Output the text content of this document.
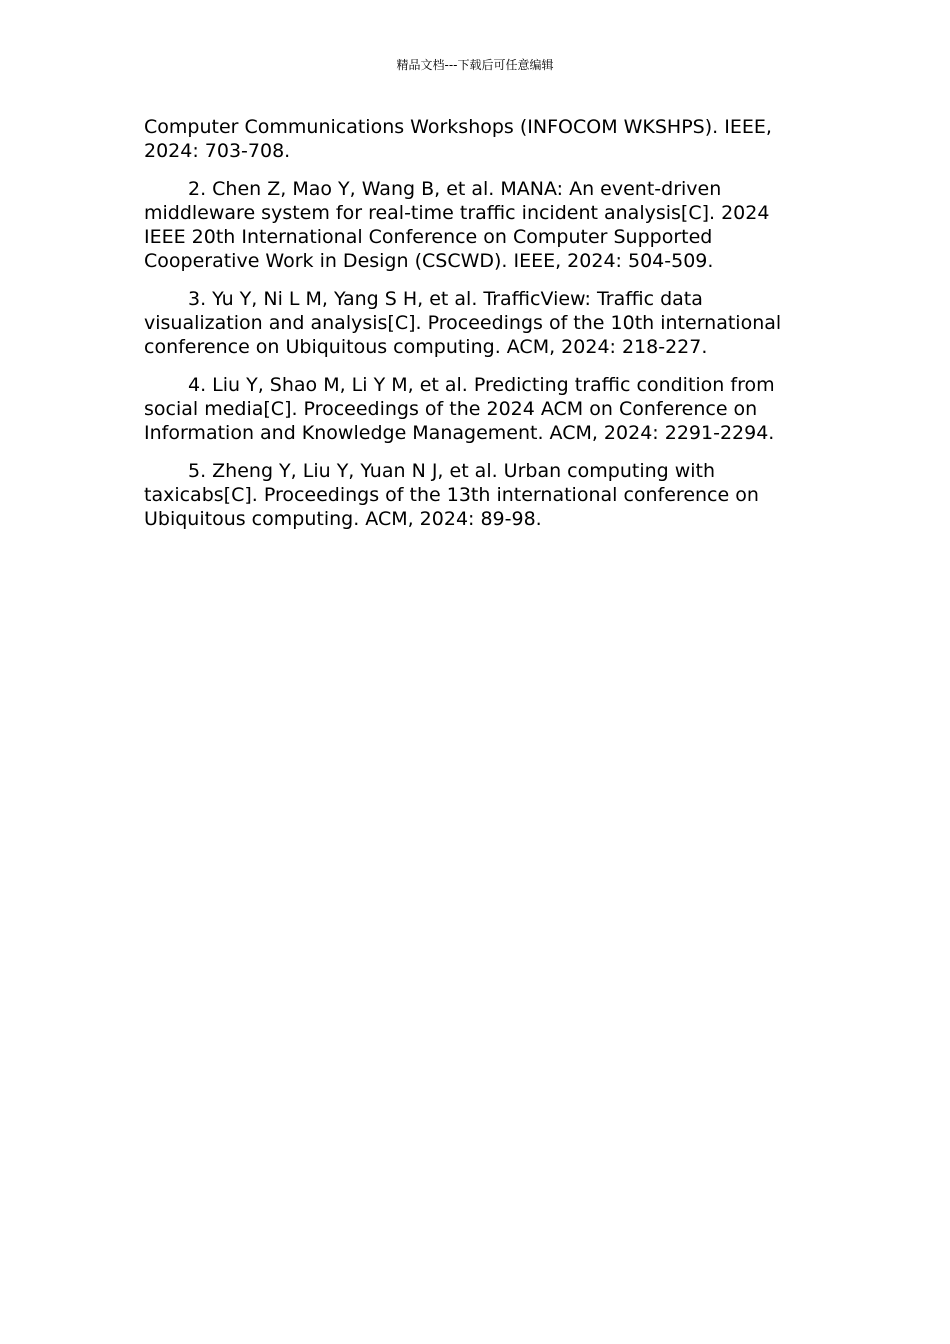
精品文档---下载后可任意编辑

Computer Communications Workshops (INFOCOM WKSHPS). IEEE, 2024: 703-708.

2. Chen Z, Mao Y, Wang B, et al. MANA: An event-driven middleware system for real-time traffic incident analysis[C]. 2024 IEEE 20th International Conference on Computer Supported Cooperative Work in Design (CSCWD). IEEE, 2024: 504-509.

3. Yu Y, Ni L M, Yang S H, et al. TrafficView: Traffic data visualization and analysis[C]. Proceedings of the 10th international conference on Ubiquitous computing. ACM, 2024: 218-227.

4. Liu Y, Shao M, Li Y M, et al. Predicting traffic condition from social media[C]. Proceedings of the 2024 ACM on Conference on Information and Knowledge Management. ACM, 2024: 2291-2294.

5. Zheng Y, Liu Y, Yuan N J, et al. Urban computing with taxicabs[C]. Proceedings of the 13th international conference on Ubiquitous computing. ACM, 2024: 89-98.
